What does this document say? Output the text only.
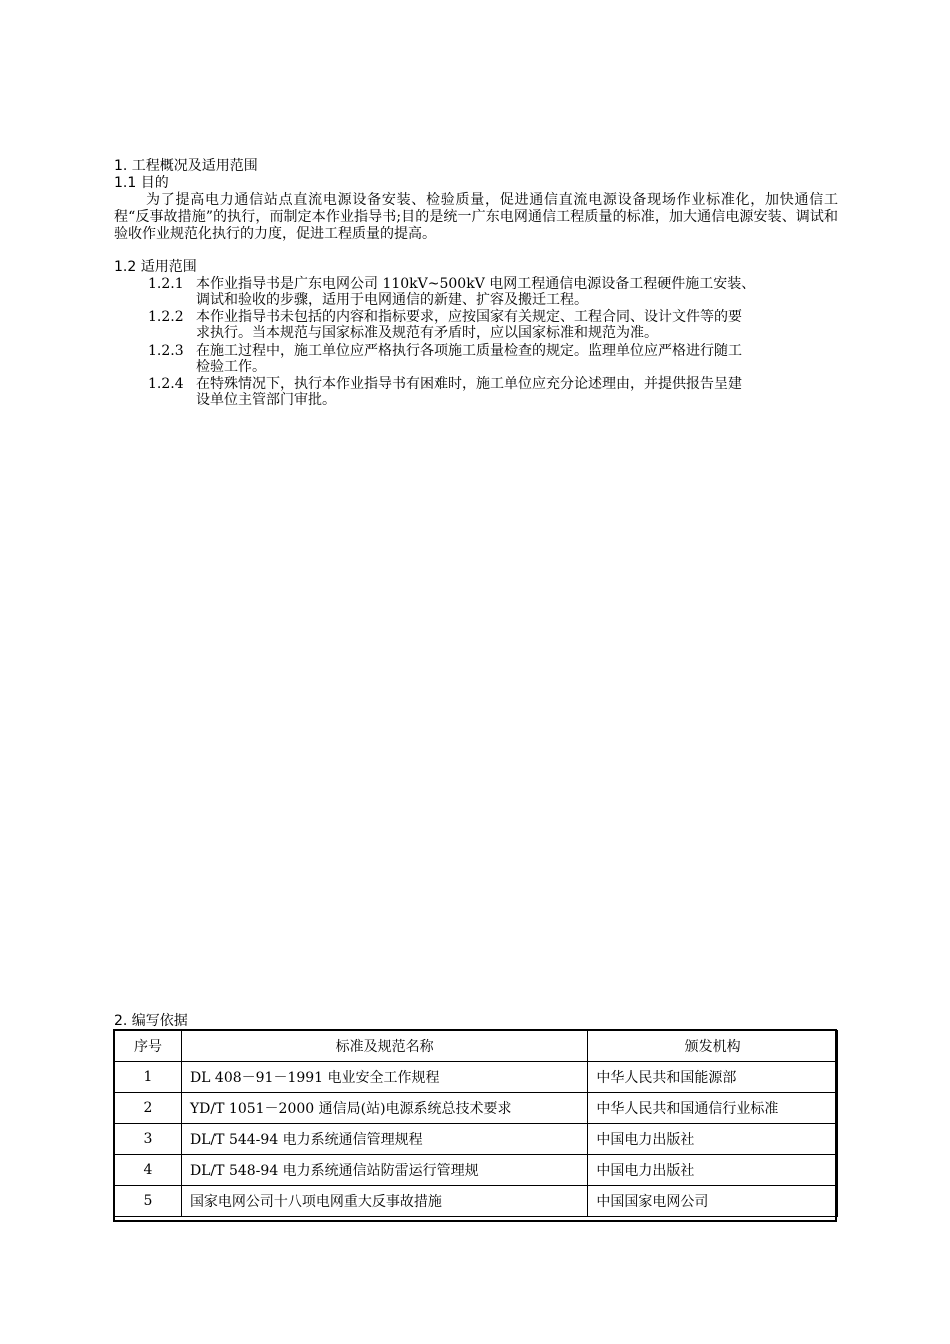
1. 工程概况及适用范围
1.1 目的
为了提高电力通信站点直流电源设备安装、检验质量，促进通信直流电源设备现场作业标准化，加快通信工程“反事故措施”的执行，而制定本作业指导书;目的是统一广东电网通信工程质量的标准，加大通信电源安装、调试和验收作业规范化执行的力度，促进工程质量的提高。
1.2 适用范围
1.2.1 本作业指导书是广东电网公司 110kV~500kV 电网工程通信电源设备工程硬件施工安装、
调试和验收的步骤，适用于电网通信的新建、扩容及搬迁工程。
1.2.2 本作业指导书未包括的内容和指标要求，应按国家有关规定、工程合同、设计文件等的要
求执行。当本规范与国家标准及规范有矛盾时，应以国家标准和规范为准。
1.2.3 在施工过程中，施工单位应严格执行各项施工质量检查的规定。监理单位应严格进行随工
检验工作。
1.2.4 在特殊情况下，执行本作业指导书有困难时，施工单位应充分论述理由，并提供报告呈建
设单位主管部门审批。
2. 编写依据
序号	标准及规范名称	颁发机构
1	DL 408－91－1991 电业安全工作规程	中华人民共和国能源部
2	YD/T 1051－2000 通信局(站)电源系统总技术要求	中华人民共和国通信行业标准
3	DL/T 544-94 电力系统通信管理规程	中国电力出版社
4	DL/T 548-94 电力系统通信站防雷运行管理规	中国电力出版社
5	国家电网公司十八项电网重大反事故措施	中国国家电网公司
